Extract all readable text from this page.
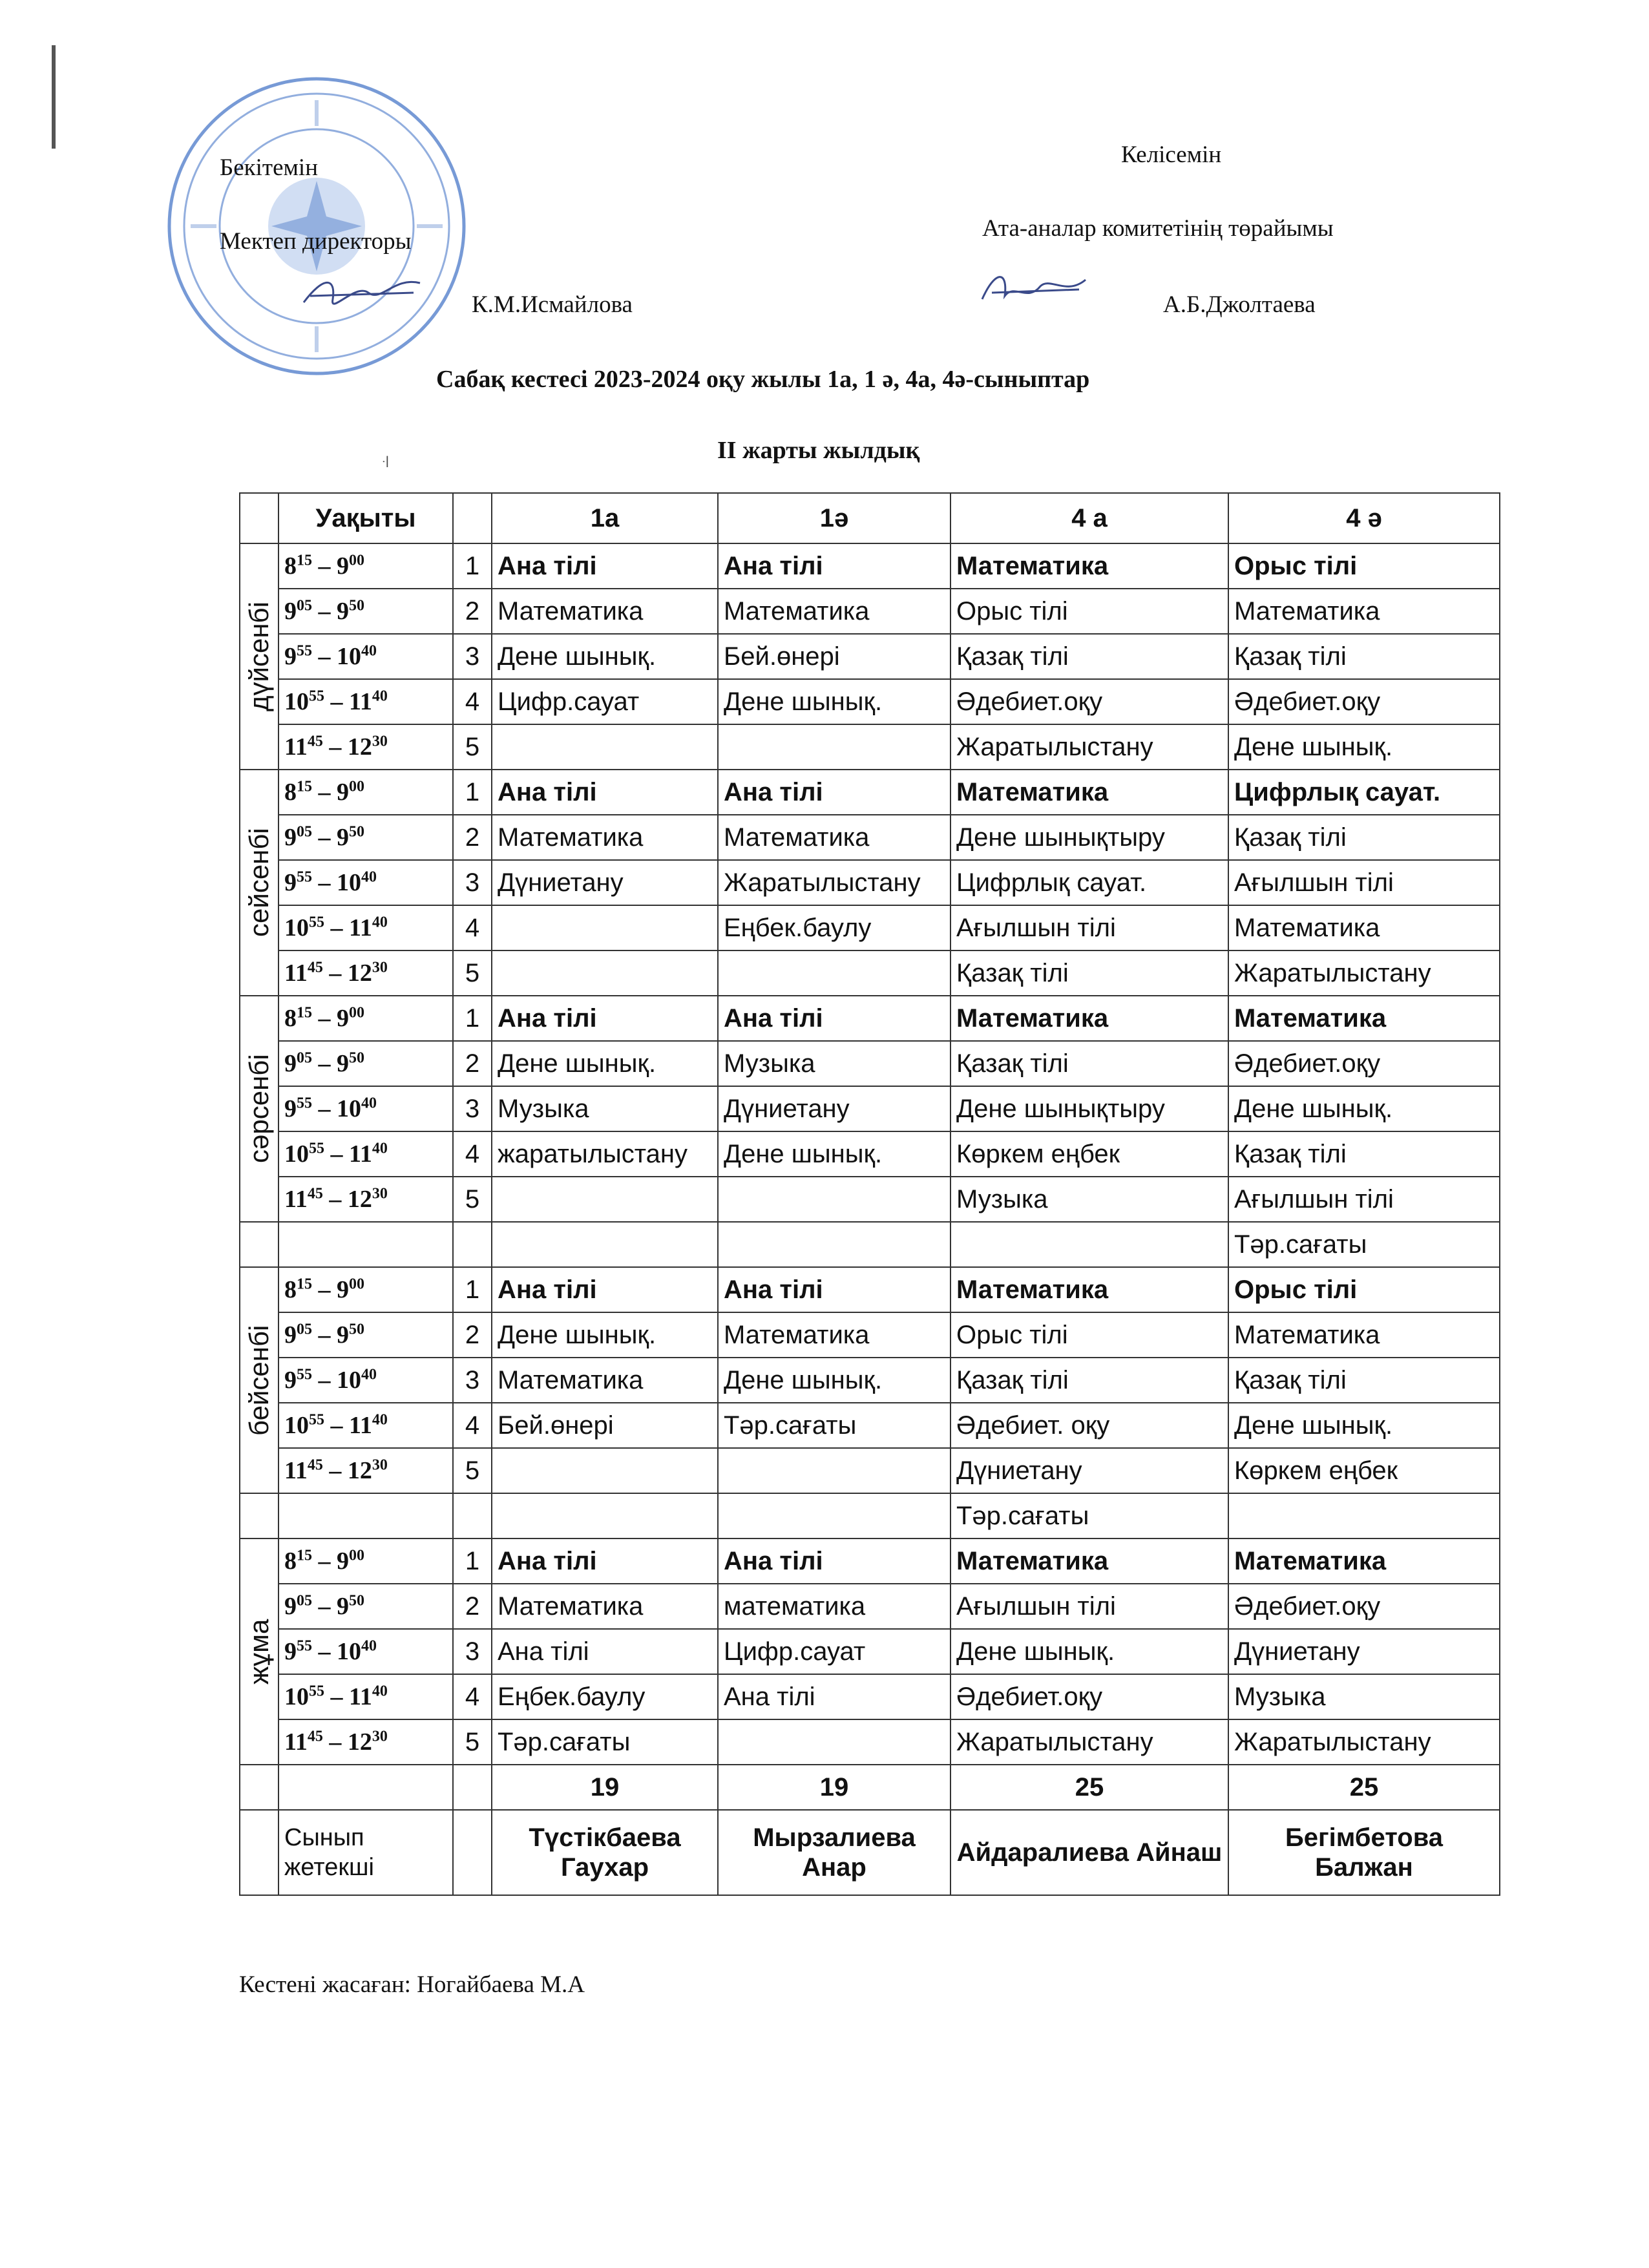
Бекітемін
Мектеп директоры
К.М.Исмайлова
Келісемін
Ата-аналар комитетінің төрайымы
А.Б.Джолтаева
Сабақ кестесі 2023-2024 оқу жылы 1а, 1 ә, 4а, 4ә-сыныптар
꜊	II жарты жылдық
	Уақыты		1а	1ә	4 а	4 ә
дүйсенбі	$8^{15} - 9^{00}$	1	Ана тілі	Ана тілі	Математика	Орыс тілі
	$9^{05} - 9^{50}$	2	Математика	Математика	Орыс тілі	Математика
	$9^{55} - 10^{40}$	3	Дене шынық.	Бей.өнері	Қазақ тілі	Қазақ тілі
	$10^{55} - 11^{40}$	4	Цифр.сауат	Дене шынық.	Әдебиет.оқу	Әдебиет.оқу
	$11^{45} - 12^{30}$	5			Жаратылыстану	Дене шынық.
сейсенбі	$8^{15} - 9^{00}$	1	Ана тілі	Ана тілі	Математика	Цифрлық сауат.
	$9^{05} - 9^{50}$	2	Математика	Математика	Дене шынықтыру	Қазақ тілі
	$9^{55} - 10^{40}$	3	Дүниетану	Жаратылыстану	Цифрлық сауат.	Ағылшын тілі
	$10^{55} - 11^{40}$	4		Еңбек.баулу	Ағылшын тілі	Математика
	$11^{45} - 12^{30}$	5			Қазақ тілі	Жаратылыстану
сәрсенбі	$8^{15} - 9^{00}$	1	Ана тілі	Ана тілі	Математика	Математика
	$9^{05} - 9^{50}$	2	Дене шынық.	Музыка	Қазақ тілі	Әдебиет.оқу
	$9^{55} - 10^{40}$	3	Музыка	Дүниетану	Дене шынықтыру	Дене шынық.
	$10^{55} - 11^{40}$	4	жаратылыстану	Дене шынық.	Көркем еңбек	Қазақ тілі
	$11^{45} - 12^{30}$	5			Музыка	Ағылшын тілі
						Тәр.сағаты
бейсенбі	$8^{15} - 9^{00}$	1	Ана тілі	Ана тілі	Математика	Орыс тілі
	$9^{05} - 9^{50}$	2	Дене шынық.	Математика	Орыс тілі	Математика
	$9^{55} - 10^{40}$	3	Математика	Дене шынық.	Қазақ тілі	Қазақ тілі
	$10^{55} - 11^{40}$	4	Бей.өнері	Тәр.сағаты	Әдебиет. оқу	Дене шынық.
	$11^{45} - 12^{30}$	5			Дүниетану	Көркем еңбек
					Тәр.сағаты	
жұма	$8^{15} - 9^{00}$	1	Ана тілі	Ана тілі	Математика	Математика
	$9^{05} - 9^{50}$	2	Математика	математика	Ағылшын тілі	Әдебиет.оқу
	$9^{55} - 10^{40}$	3	Ана тілі	Цифр.сауат	Дене шынық.	Дүниетану
	$10^{55} - 11^{40}$	4	Еңбек.баулу	Ана тілі	Әдебиет.оқу	Музыка
	$11^{45} - 12^{30}$	5	Тәр.сағаты		Жаратылыстану	Жаратылыстану
			19	19	25	25
	Сынып жетекші		Түстікбаева Гаухар	Мырзалиева Анар	Айдаралиева Айнаш	Бегімбетова Балжан
Кестені жасаған: Ногайбаева М.А
